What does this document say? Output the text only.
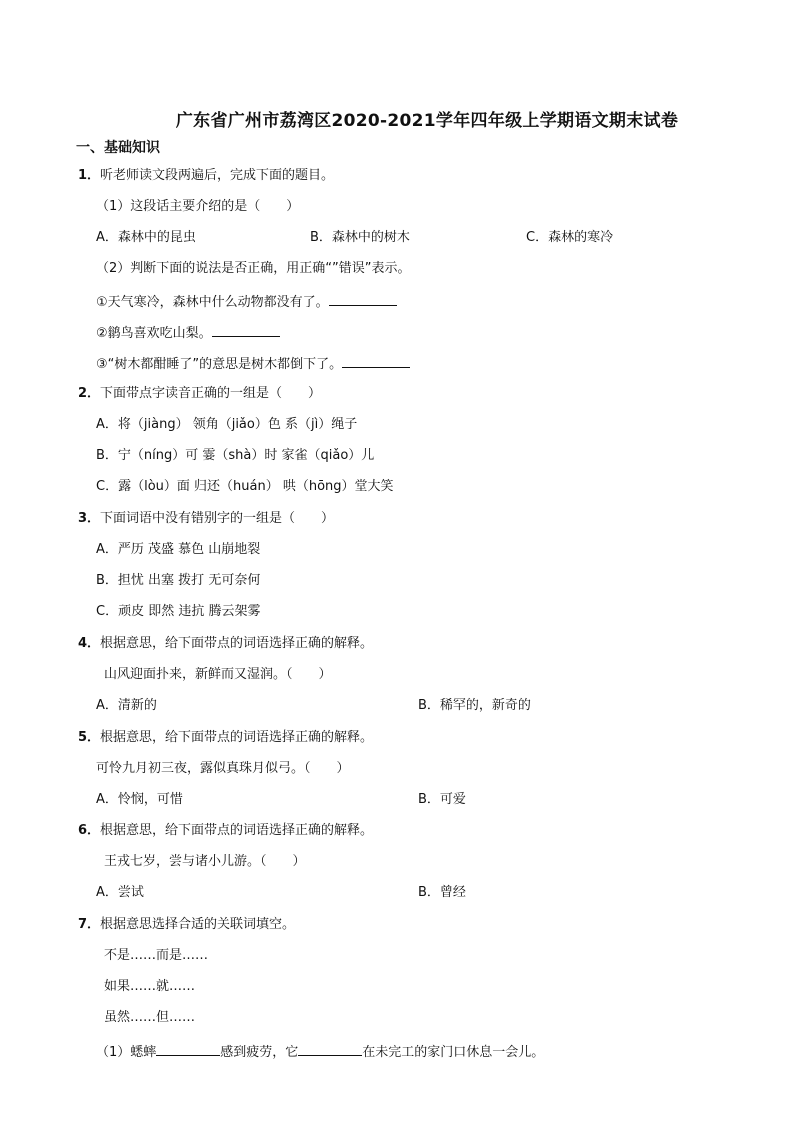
广东省广州市荔湾区2020-2021学年四年级上学期语文期末试卷
一、基础知识
1．听老师读文段两遍后，完成下面的题目。
（1）这段话主要介绍的是（　　）
A．森林中的昆虫	B．森林中的树木	C．森林的寒冷
（2）判断下面的说法是否正确，用正确“”错误”表示。
①天气寒冷，森林中什么动物都没有了。
②鹟鸟喜欢吃山梨。
③“树木都酣睡了”的意思是树木都倒下了。
2．下面带点字读音正确的一组是（　　）
A．将（jiàng） 领角（jiǎo）色 系（jì）绳子
B．宁（níng）可 霎（shà）时 家雀（qiǎo）儿
C．露（lòu）面 归还（huán） 哄（hōng）堂大笑
3．下面词语中没有错别字的一组是（　　）
A．严历 茂盛 慕色 山崩地裂
B．担忧 出塞 拨打 无可奈何
C．顽皮 即然 违抗 腾云架雾
4．根据意思，给下面带点的词语选择正确的解释。
山风迎面扑来，新鲜而又湿润。（　　）
A．清新的	B．稀罕的，新奇的
5．根据意思，给下面带点的词语选择正确的解释。
可怜九月初三夜，露似真珠月似弓。（　　）
A．怜悯，可惜	B．可爱
6．根据意思，给下面带点的词语选择正确的解释。
王戎七岁，尝与诸小儿游。（　　）
A．尝试	B．曾经
7．根据意思选择合适的关联词填空。
不是……而是……
如果……就……
虽然……但……
（1）蟋蟀	感到疲劳，它	在未完工的家门口休息一会儿。
